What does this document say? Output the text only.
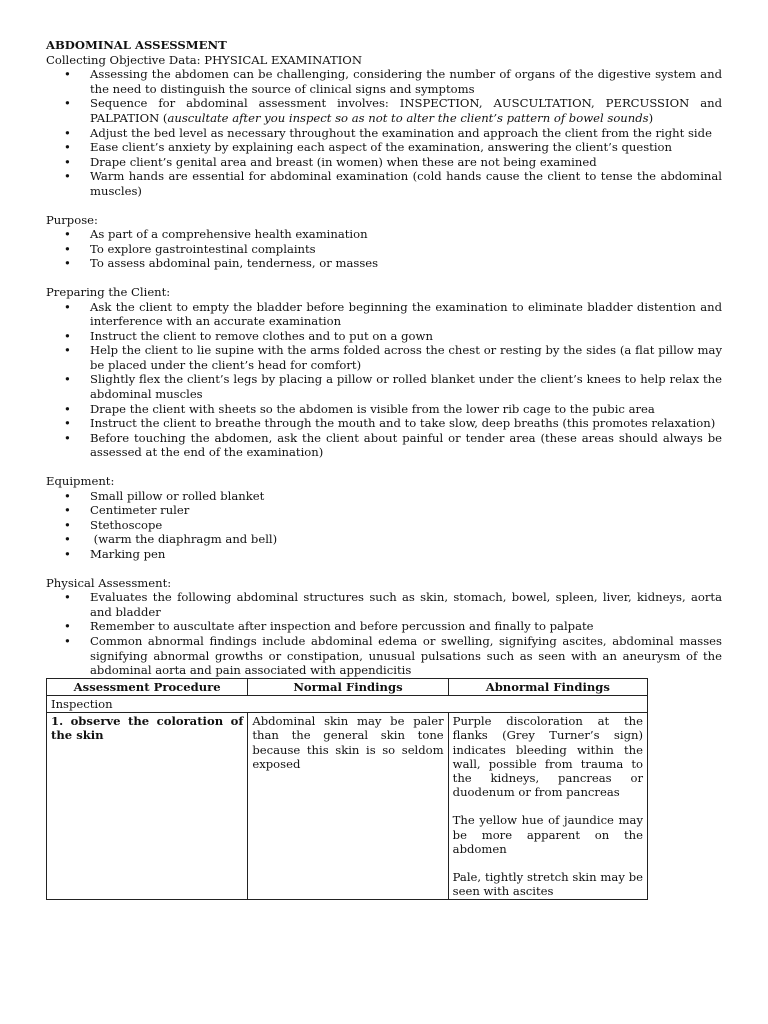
ABDOMINAL ASSESSMENT
Collecting Objective Data: PHYSICAL EXAMINATION
• Assessing the abdomen can be challenging, considering the number of organs of the digestive system and the need to distinguish the source of clinical signs and symptoms
• Sequence for abdominal assessment involves: INSPECTION, AUSCULTATION, PERCUSSION and PALPATION (auscultate after you inspect so as not to alter the client’s pattern of bowel sounds)
• Adjust the bed level as necessary throughout the examination and approach the client from the right side
• Ease client’s anxiety by explaining each aspect of the examination, answering the client’s question
• Drape client’s genital area and breast (in women) when these are not being examined
• Warm hands are essential for abdominal examination (cold hands cause the client to tense the abdominal muscles)
Purpose:
• As part of a comprehensive health examination
• To explore gastrointestinal complaints
• To assess abdominal pain, tenderness, or masses
Preparing the Client:
• Ask the client to empty the bladder before beginning the examination to eliminate bladder distention and interference with an accurate examination
• Instruct the client to remove clothes and to put on a gown
• Help the client to lie supine with the arms folded across the chest or resting by the sides (a flat pillow may be placed under the client’s head for comfort)
• Slightly flex the client’s legs by placing a pillow or rolled blanket under the client’s knees to help relax the abdominal muscles
• Drape the client with sheets so the abdomen is visible from the lower rib cage to the pubic area
• Instruct the client to breathe through the mouth and to take slow, deep breaths (this promotes relaxation)
• Before touching the abdomen, ask the client about painful or tender area (these areas should always be assessed at the end of the examination)
Equipment:
• Small pillow or rolled blanket
• Centimeter ruler
• Stethoscope
•  (warm the diaphragm and bell)
• Marking pen
Physical Assessment:
• Evaluates the following abdominal structures such as skin, stomach, bowel, spleen, liver, kidneys, aorta and bladder
• Remember to auscultate after inspection and before percussion and finally to palpate
• Common abnormal findings include abdominal edema or swelling, signifying ascites, abdominal masses signifying abnormal growths or constipation, unusual pulsations such as seen with an aneurysm of the abdominal aorta and pain associated with appendicitis
Assessment Procedure	Normal Findings	Abnormal Findings
Inspection		
1. observe the coloration of the skin	Abdominal skin may be paler than the general skin tone because this skin is so seldom exposed	Purple discoloration at the flanks (Grey Turner’s sign) indicates bleeding within the wall, possible from trauma to the kidneys, pancreas or duodenum or from pancreas

The yellow hue of jaundice may be more apparent on the abdomen

Pale, tightly stretch skin may be seen with ascites
